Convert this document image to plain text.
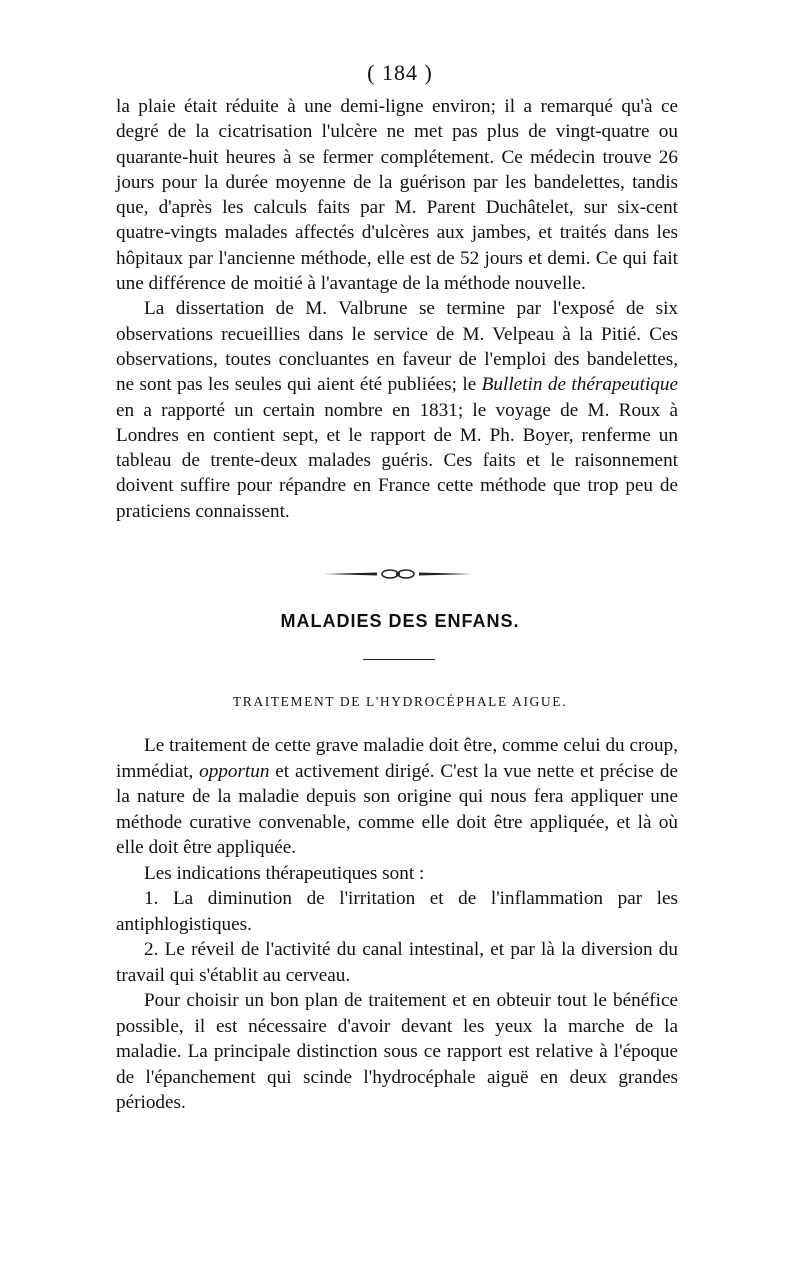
( 184 )

la plaie était réduite à une demi-ligne environ; il a remarqué qu'à ce degré de la cicatrisation l'ulcère ne met pas plus de vingt-quatre ou quarante-huit heures à se fermer complétement. Ce médecin trouve 26 jours pour la durée moyenne de la guérison par les bandelettes, tandis que, d'après les calculs faits par M. Parent Duchâtelet, sur six-cent quatre-vingts malades affectés d'ulcères aux jambes, et traités dans les hôpitaux par l'ancienne méthode, elle est de 52 jours et demi. Ce qui fait une différence de moitié à l'avantage de la méthode nouvelle.

La dissertation de M. Valbrune se termine par l'exposé de six observations recueillies dans le service de M. Velpeau à la Pitié. Ces observations, toutes concluantes en faveur de l'emploi des bandelettes, ne sont pas les seules qui aient été publiées; le Bulletin de thérapeutique en a rapporté un certain nombre en 1831; le voyage de M. Roux à Londres en contient sept, et le rapport de M. Ph. Boyer, renferme un tableau de trente-deux malades guéris. Ces faits et le raisonnement doivent suffire pour répandre en France cette méthode que trop peu de praticiens connaissent.

MALADIES DES ENFANS.
TRAITEMENT DE L'HYDROCÉPHALE AIGUE.

Le traitement de cette grave maladie doit être, comme celui du croup, immédiat, opportun et activement dirigé. C'est la vue nette et précise de la nature de la maladie depuis son origine qui nous fera appliquer une méthode curative convenable, comme elle doit être appliquée, et là où elle doit être appliquée.

Les indications thérapeutiques sont :

1. La diminution de l'irritation et de l'inflammation par les antiphlogistiques.

2. Le réveil de l'activité du canal intestinal, et par là la diversion du travail qui s'établit au cerveau.

Pour choisir un bon plan de traitement et en obteuir tout le bénéfice possible, il est nécessaire d'avoir devant les yeux la marche de la maladie. La principale distinction sous ce rapport est relative à l'époque de l'épanchement qui scinde l'hydrocéphale aiguë en deux grandes périodes.
